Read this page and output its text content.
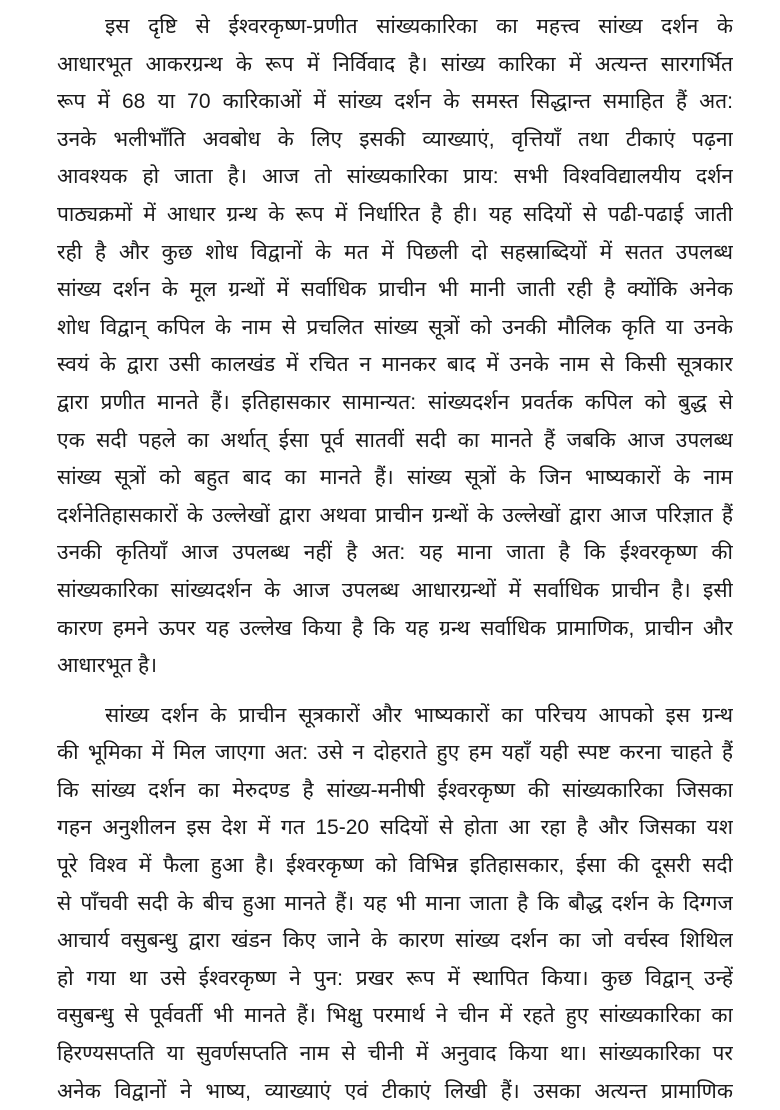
इस दृष्टि से ईश्वरकृष्ण-प्रणीत सांख्यकारिका का महत्त्व सांख्य दर्शन के
आधारभूत आकरग्रन्थ के रूप में निर्विवाद है। सांख्य कारिका में अत्यन्त सारगर्भित
रूप में 68 या 70 कारिकाओं में सांख्य दर्शन के समस्त सिद्धान्त समाहित हैं अत:
उनके भलीभाँति अवबोध के लिए इसकी व्याख्याएं, वृत्तियाँ तथा टीकाएं पढ़ना
आवश्यक हो जाता है। आज तो सांख्यकारिका प्राय: सभी विश्वविद्यालयीय दर्शन
पाठ्यक्रमों में आधार ग्रन्थ के रूप में निर्धारित है ही। यह सदियों से पढी-पढाई जाती
रही है और कुछ शोध विद्वानों के मत में पिछली दो सहस्राब्दियों में सतत उपलब्ध
सांख्य दर्शन के मूल ग्रन्थों में सर्वाधिक प्राचीन भी मानी जाती रही है क्योंकि अनेक
शोध विद्वान् कपिल के नाम से प्रचलित सांख्य सूत्रों को उनकी मौलिक कृति या उनके
स्वयं के द्वारा उसी कालखंड में रचित न मानकर बाद में उनके नाम से किसी सूत्रकार
द्वारा प्रणीत मानते हैं। इतिहासकार सामान्यत: सांख्यदर्शन प्रवर्तक कपिल को बुद्ध से
एक सदी पहले का अर्थात् ईसा पूर्व सातवीं सदी का मानते हैं जबकि आज उपलब्ध
सांख्य सूत्रों को बहुत बाद का मानते हैं। सांख्य सूत्रों के जिन भाष्यकारों के नाम
दर्शनेतिहासकारों के उल्लेखों द्वारा अथवा प्राचीन ग्रन्थों के उल्लेखों द्वारा आज परिज्ञात हैं
उनकी कृतियाँ आज उपलब्ध नहीं है अत: यह माना जाता है कि ईश्वरकृष्ण की
सांख्यकारिका सांख्यदर्शन के आज उपलब्ध आधारग्रन्थों में सर्वाधिक प्राचीन है। इसी
कारण हमने ऊपर यह उल्लेख किया है कि यह ग्रन्थ सर्वाधिक प्रामाणिक, प्राचीन और
आधारभूत है।
सांख्य दर्शन के प्राचीन सूत्रकारों और भाष्यकारों का परिचय आपको इस ग्रन्थ
की भूमिका में मिल जाएगा अत: उसे न दोहराते हुए हम यहाँ यही स्पष्ट करना चाहते हैं
कि सांख्य दर्शन का मेरुदण्ड है सांख्य-मनीषी ईश्वरकृष्ण की सांख्यकारिका जिसका
गहन अनुशीलन इस देश में गत 15-20 सदियों से होता आ रहा है और जिसका यश
पूरे विश्व में फैला हुआ है। ईश्वरकृष्ण को विभिन्न इतिहासकार, ईसा की दूसरी सदी
से पाँचवी सदी के बीच हुआ मानते हैं। यह भी माना जाता है कि बौद्ध दर्शन के दिग्गज
आचार्य वसुबन्धु द्वारा खंडन किए जाने के कारण सांख्य दर्शन का जो वर्चस्व शिथिल
हो गया था उसे ईश्वरकृष्ण ने पुन: प्रखर रूप में स्थापित किया। कुछ विद्वान् उन्हें
वसुबन्धु से पूर्ववर्ती भी मानते हैं। भिक्षु परमार्थ ने चीन में रहते हुए सांख्यकारिका का
हिरण्यसप्तति या सुवर्णसप्तति नाम से चीनी में अनुवाद किया था। सांख्यकारिका पर
अनेक विद्वानों ने भाष्य, व्याख्याएं एवं टीकाएं लिखी हैं। उसका अत्यन्त प्रामाणिक
